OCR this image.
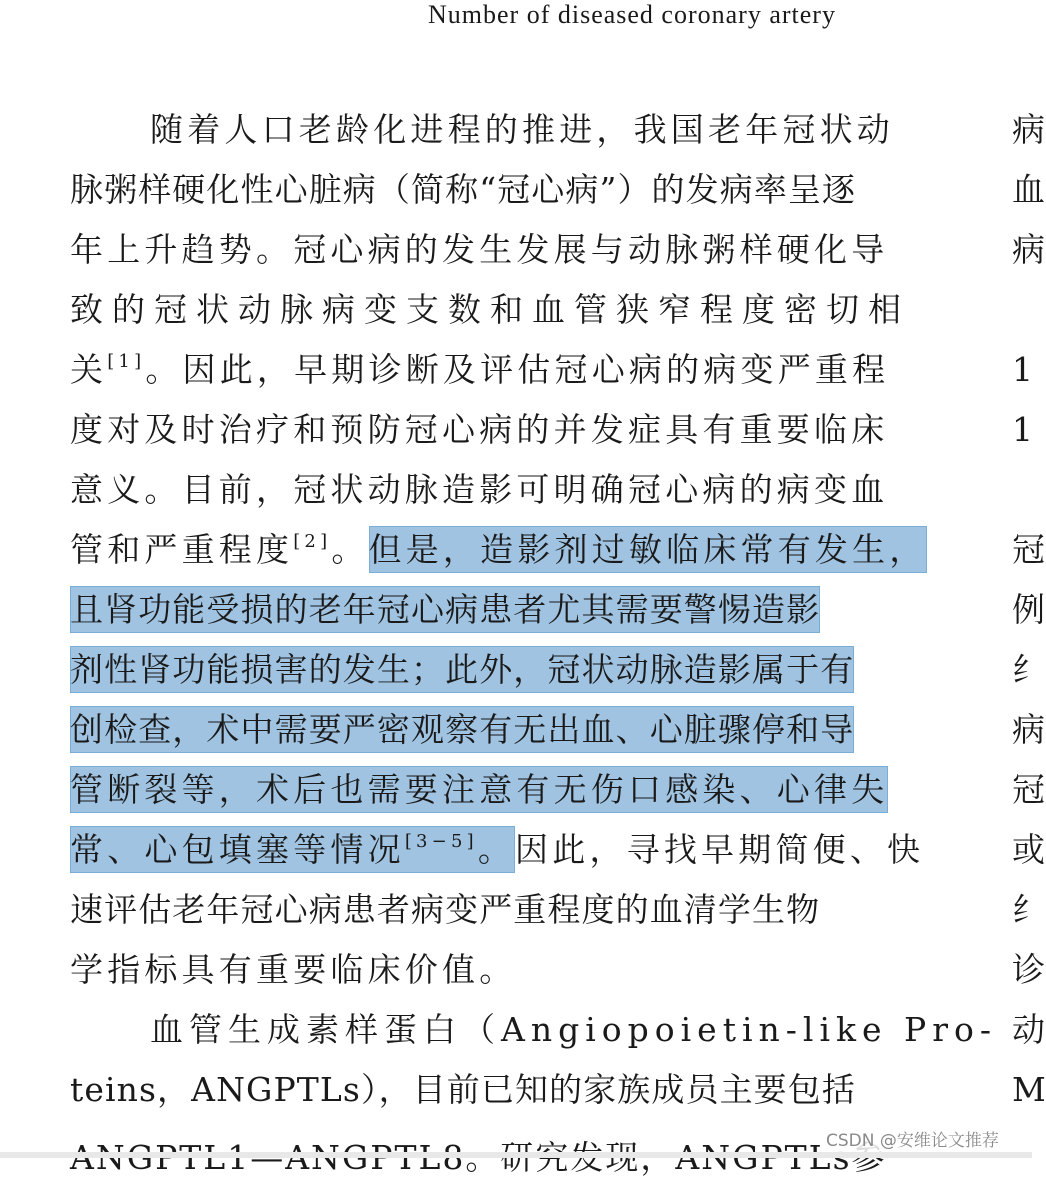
Number of diseased coronary artery
随着人口老龄化进程的推进，我国老年冠状动
脉粥样硬化性心脏病（简称“冠心病”）的发病率呈逐
年上升趋势。冠心病的发生发展与动脉粥样硬化导
致的冠状动脉病变支数和血管狭窄程度密切相
关[1]。因此，早期诊断及评估冠心病的病变严重程
度对及时治疗和预防冠心病的并发症具有重要临床
意义。目前，冠状动脉造影可明确冠心病的病变血
管和严重程度[2]。但是，造影剂过敏临床常有发生，
且肾功能受损的老年冠心病患者尤其需要警惕造影
剂性肾功能损害的发生；此外，冠状动脉造影属于有
创检查，术中需要严密观察有无出血、心脏骤停和导
管断裂等，术后也需要注意有无伤口感染、心律失
常、心包填塞等情况[3−5]。因此，寻找早期简便、快
速评估老年冠心病患者病变严重程度的血清学生物
学指标具有重要临床价值。
血管生成素样蛋白（Angiopoietin-like Pro-
teins，ANGPTLs），目前已知的家族成员主要包括
病
血
病
1
1
冠
例
纟
病
冠
或
纟
诊
动
M
CSDN @安维论文推荐
